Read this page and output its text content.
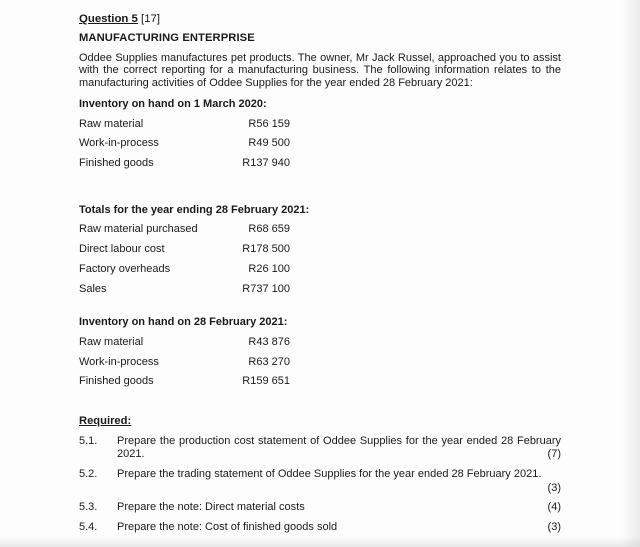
Question 5 [17]
MANUFACTURING ENTERPRISE
Oddee Supplies manufactures pet products. The owner, Mr Jack Russel, approached you to assist with the correct reporting for a manufacturing business. The following information relates to the manufacturing activities of Oddee Supplies for the year ended 28 February 2021:
Inventory on hand on 1 March 2020:
Raw material	R56 159
Work-in-process	R49 500
Finished goods	R137 940
Totals for the year ending 28 February 2021:
Raw material purchased	R68 659
Direct labour cost	R178 500
Factory overheads	R26 100
Sales	R737 100
Inventory on hand on 28 February 2021:
Raw material	R43 876
Work-in-process	R63 270
Finished goods	R159 651
Required:
5.1. Prepare the production cost statement of Oddee Supplies for the year ended 28 February 2021.	(7)
5.2. Prepare the trading statement of Oddee Supplies for the year ended 28 February 2021.
(3)
5.3. Prepare the note: Direct material costs	(4)
5.4. Prepare the note: Cost of finished goods sold	(3)
